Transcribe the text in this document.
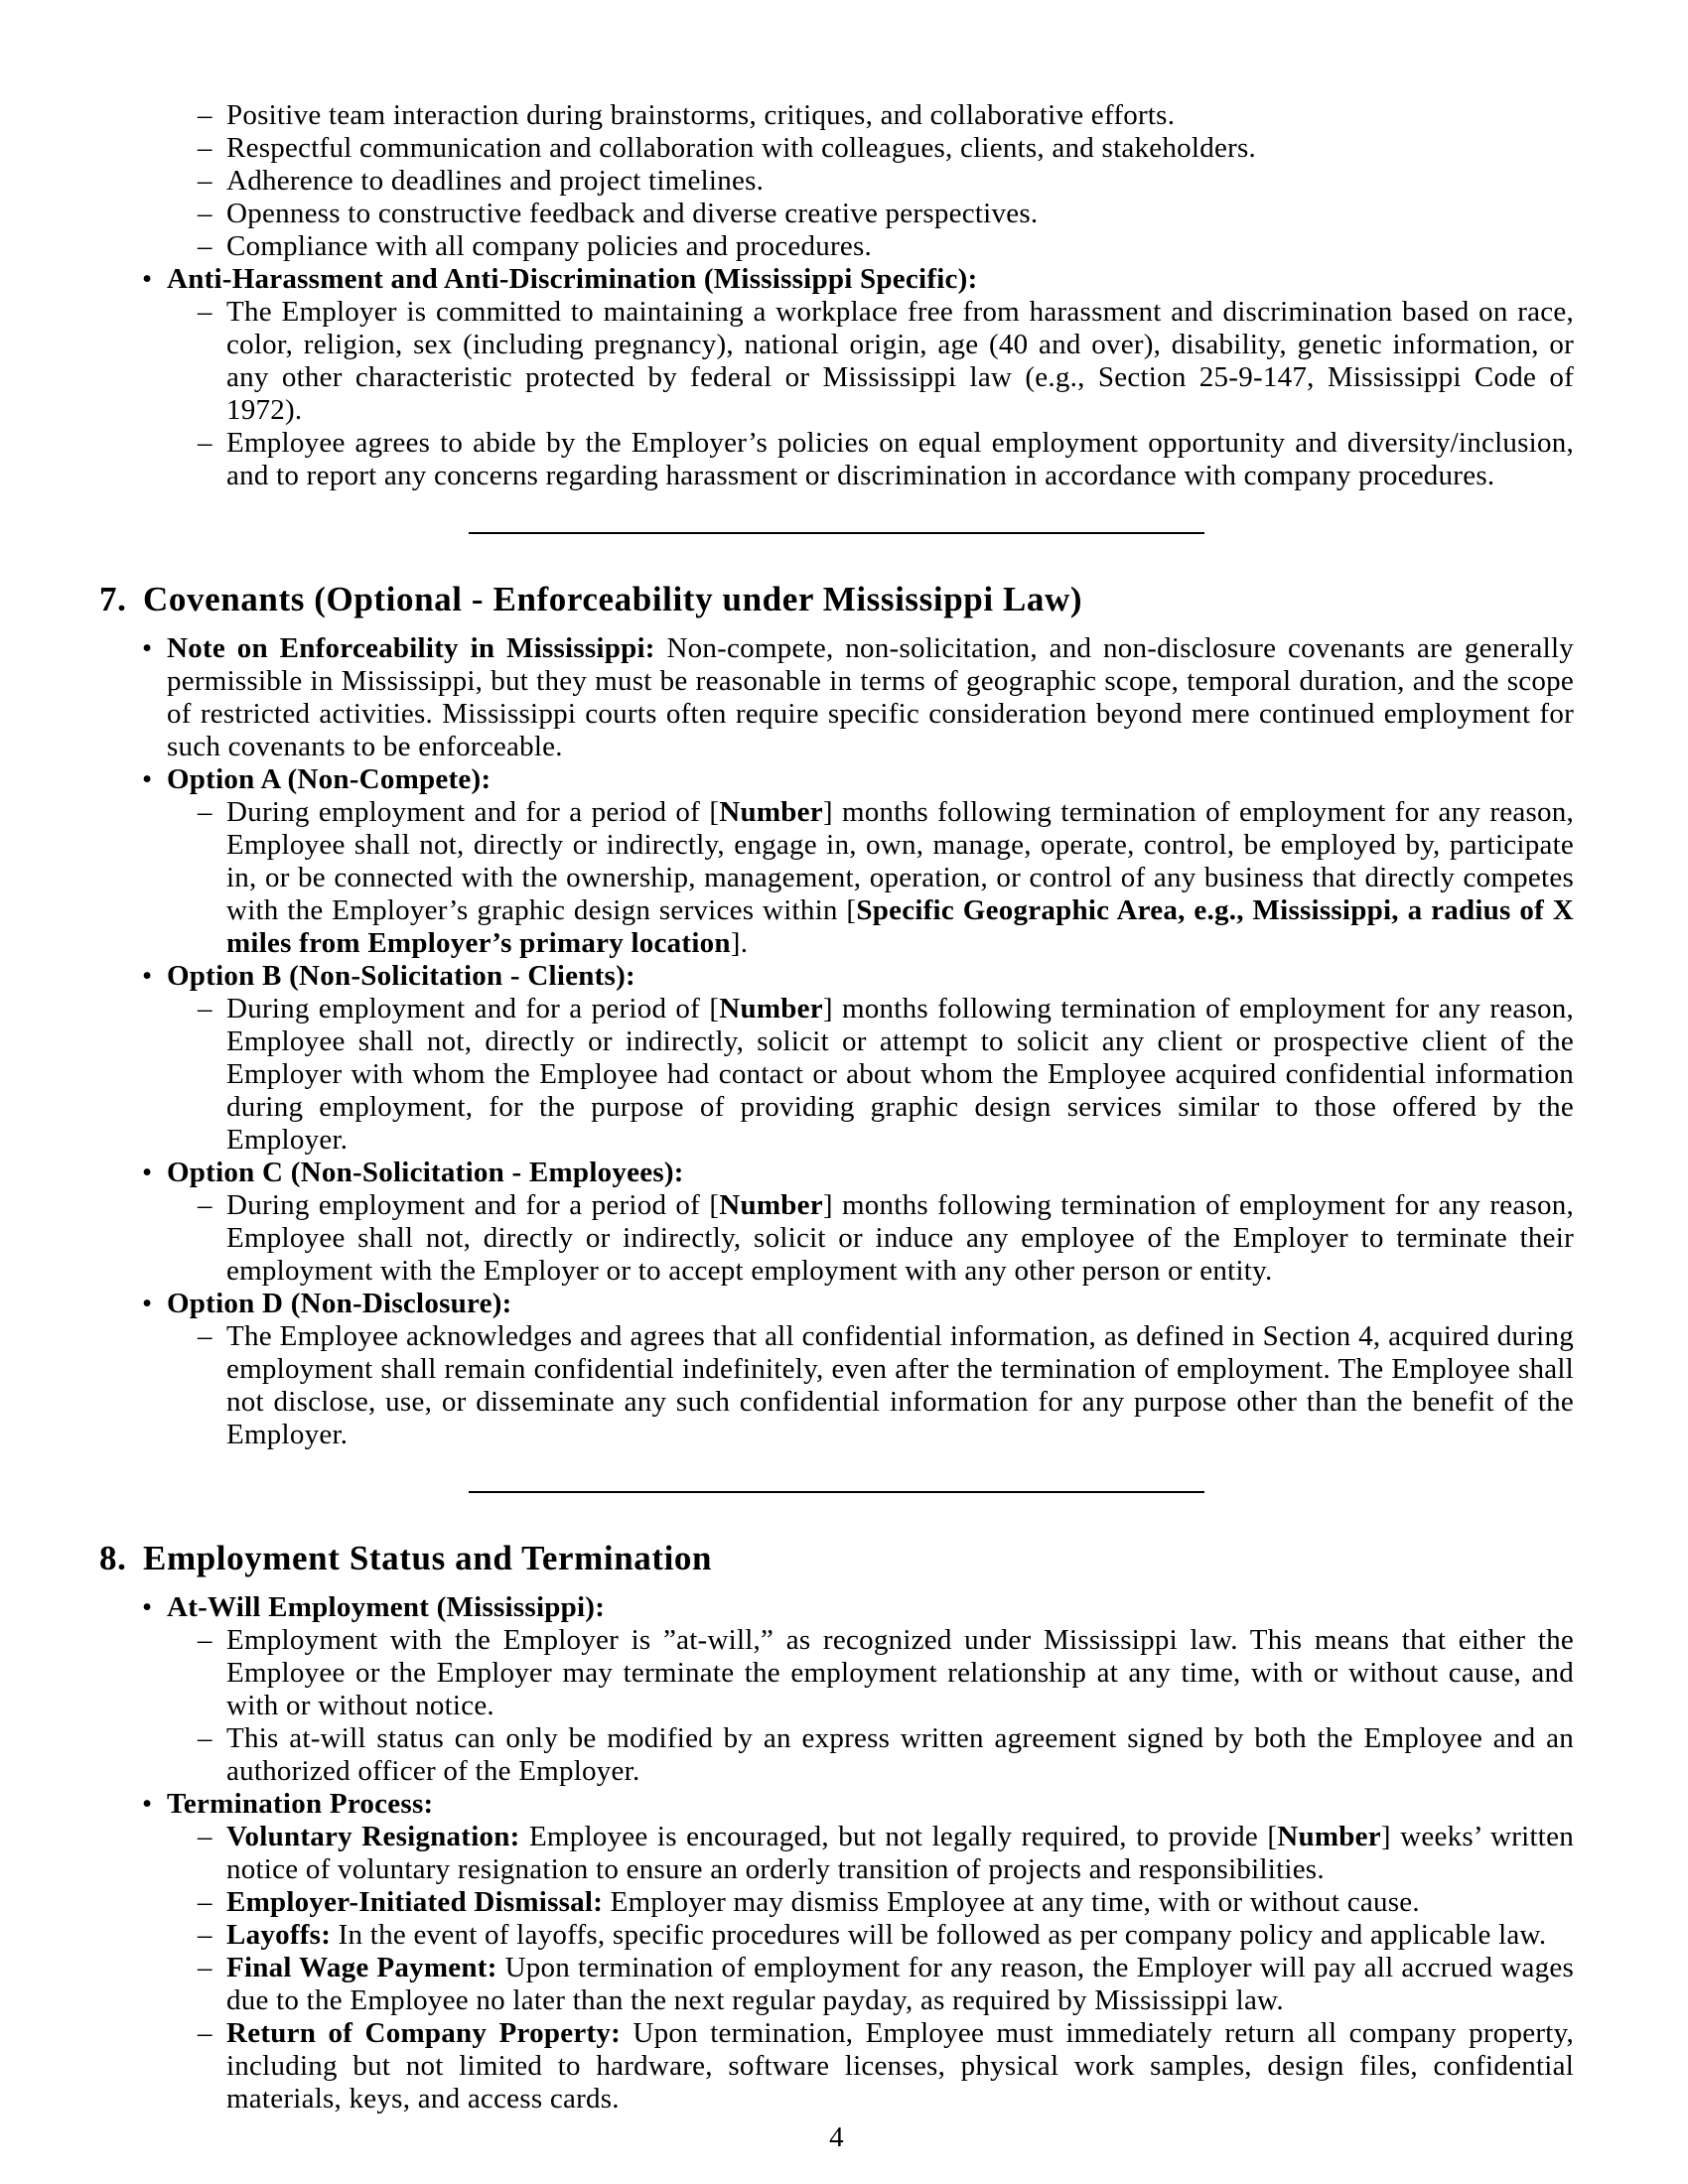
– Positive team interaction during brainstorms, critiques, and collaborative efforts.
– Respectful communication and collaboration with colleagues, clients, and stakeholders.
– Adherence to deadlines and project timelines.
– Openness to constructive feedback and diverse creative perspectives.
– Compliance with all company policies and procedures.
• Anti-Harassment and Anti-Discrimination (Mississippi Specific):
– The Employer is committed to maintaining a workplace free from harassment and discrimination based on race, color, religion, sex (including pregnancy), national origin, age (40 and over), disability, genetic information, or any other characteristic protected by federal or Mississippi law (e.g., Section 25-9-147, Mississippi Code of 1972).
– Employee agrees to abide by the Employer’s policies on equal employment opportunity and diversity/inclusion, and to report any concerns regarding harassment or discrimination in accordance with company procedures.
7. Covenants (Optional - Enforceability under Mississippi Law)
• Note on Enforceability in Mississippi: Non-compete, non-solicitation, and non-disclosure covenants are generally permissible in Mississippi, but they must be reasonable in terms of geographic scope, temporal duration, and the scope of restricted activities. Mississippi courts often require specific consideration beyond mere continued employment for such covenants to be enforceable.
• Option A (Non-Compete):
– During employment and for a period of [Number] months following termination of employment for any reason, Employee shall not, directly or indirectly, engage in, own, manage, operate, control, be employed by, participate in, or be connected with the ownership, management, operation, or control of any business that directly competes with the Employer’s graphic design services within [Specific Geographic Area, e.g., Mississippi, a radius of X miles from Employer’s primary location].
• Option B (Non-Solicitation - Clients):
– During employment and for a period of [Number] months following termination of employment for any reason, Employee shall not, directly or indirectly, solicit or attempt to solicit any client or prospective client of the Employer with whom the Employee had contact or about whom the Employee acquired confidential information during employment, for the purpose of providing graphic design services similar to those offered by the Employer.
• Option C (Non-Solicitation - Employees):
– During employment and for a period of [Number] months following termination of employment for any reason, Employee shall not, directly or indirectly, solicit or induce any employee of the Employer to terminate their employment with the Employer or to accept employment with any other person or entity.
• Option D (Non-Disclosure):
– The Employee acknowledges and agrees that all confidential information, as defined in Section 4, acquired during employment shall remain confidential indefinitely, even after the termination of employment. The Employee shall not disclose, use, or disseminate any such confidential information for any purpose other than the benefit of the Employer.
8. Employment Status and Termination
• At-Will Employment (Mississippi):
– Employment with the Employer is ”at-will,” as recognized under Mississippi law. This means that either the Employee or the Employer may terminate the employment relationship at any time, with or without cause, and with or without notice.
– This at-will status can only be modified by an express written agreement signed by both the Employee and an authorized officer of the Employer.
• Termination Process:
– Voluntary Resignation: Employee is encouraged, but not legally required, to provide [Number] weeks’ written notice of voluntary resignation to ensure an orderly transition of projects and responsibilities.
– Employer-Initiated Dismissal: Employer may dismiss Employee at any time, with or without cause.
– Layoffs: In the event of layoffs, specific procedures will be followed as per company policy and applicable law.
– Final Wage Payment: Upon termination of employment for any reason, the Employer will pay all accrued wages due to the Employee no later than the next regular payday, as required by Mississippi law.
– Return of Company Property: Upon termination, Employee must immediately return all company property, including but not limited to hardware, software licenses, physical work samples, design files, confidential materials, keys, and access cards.
4
